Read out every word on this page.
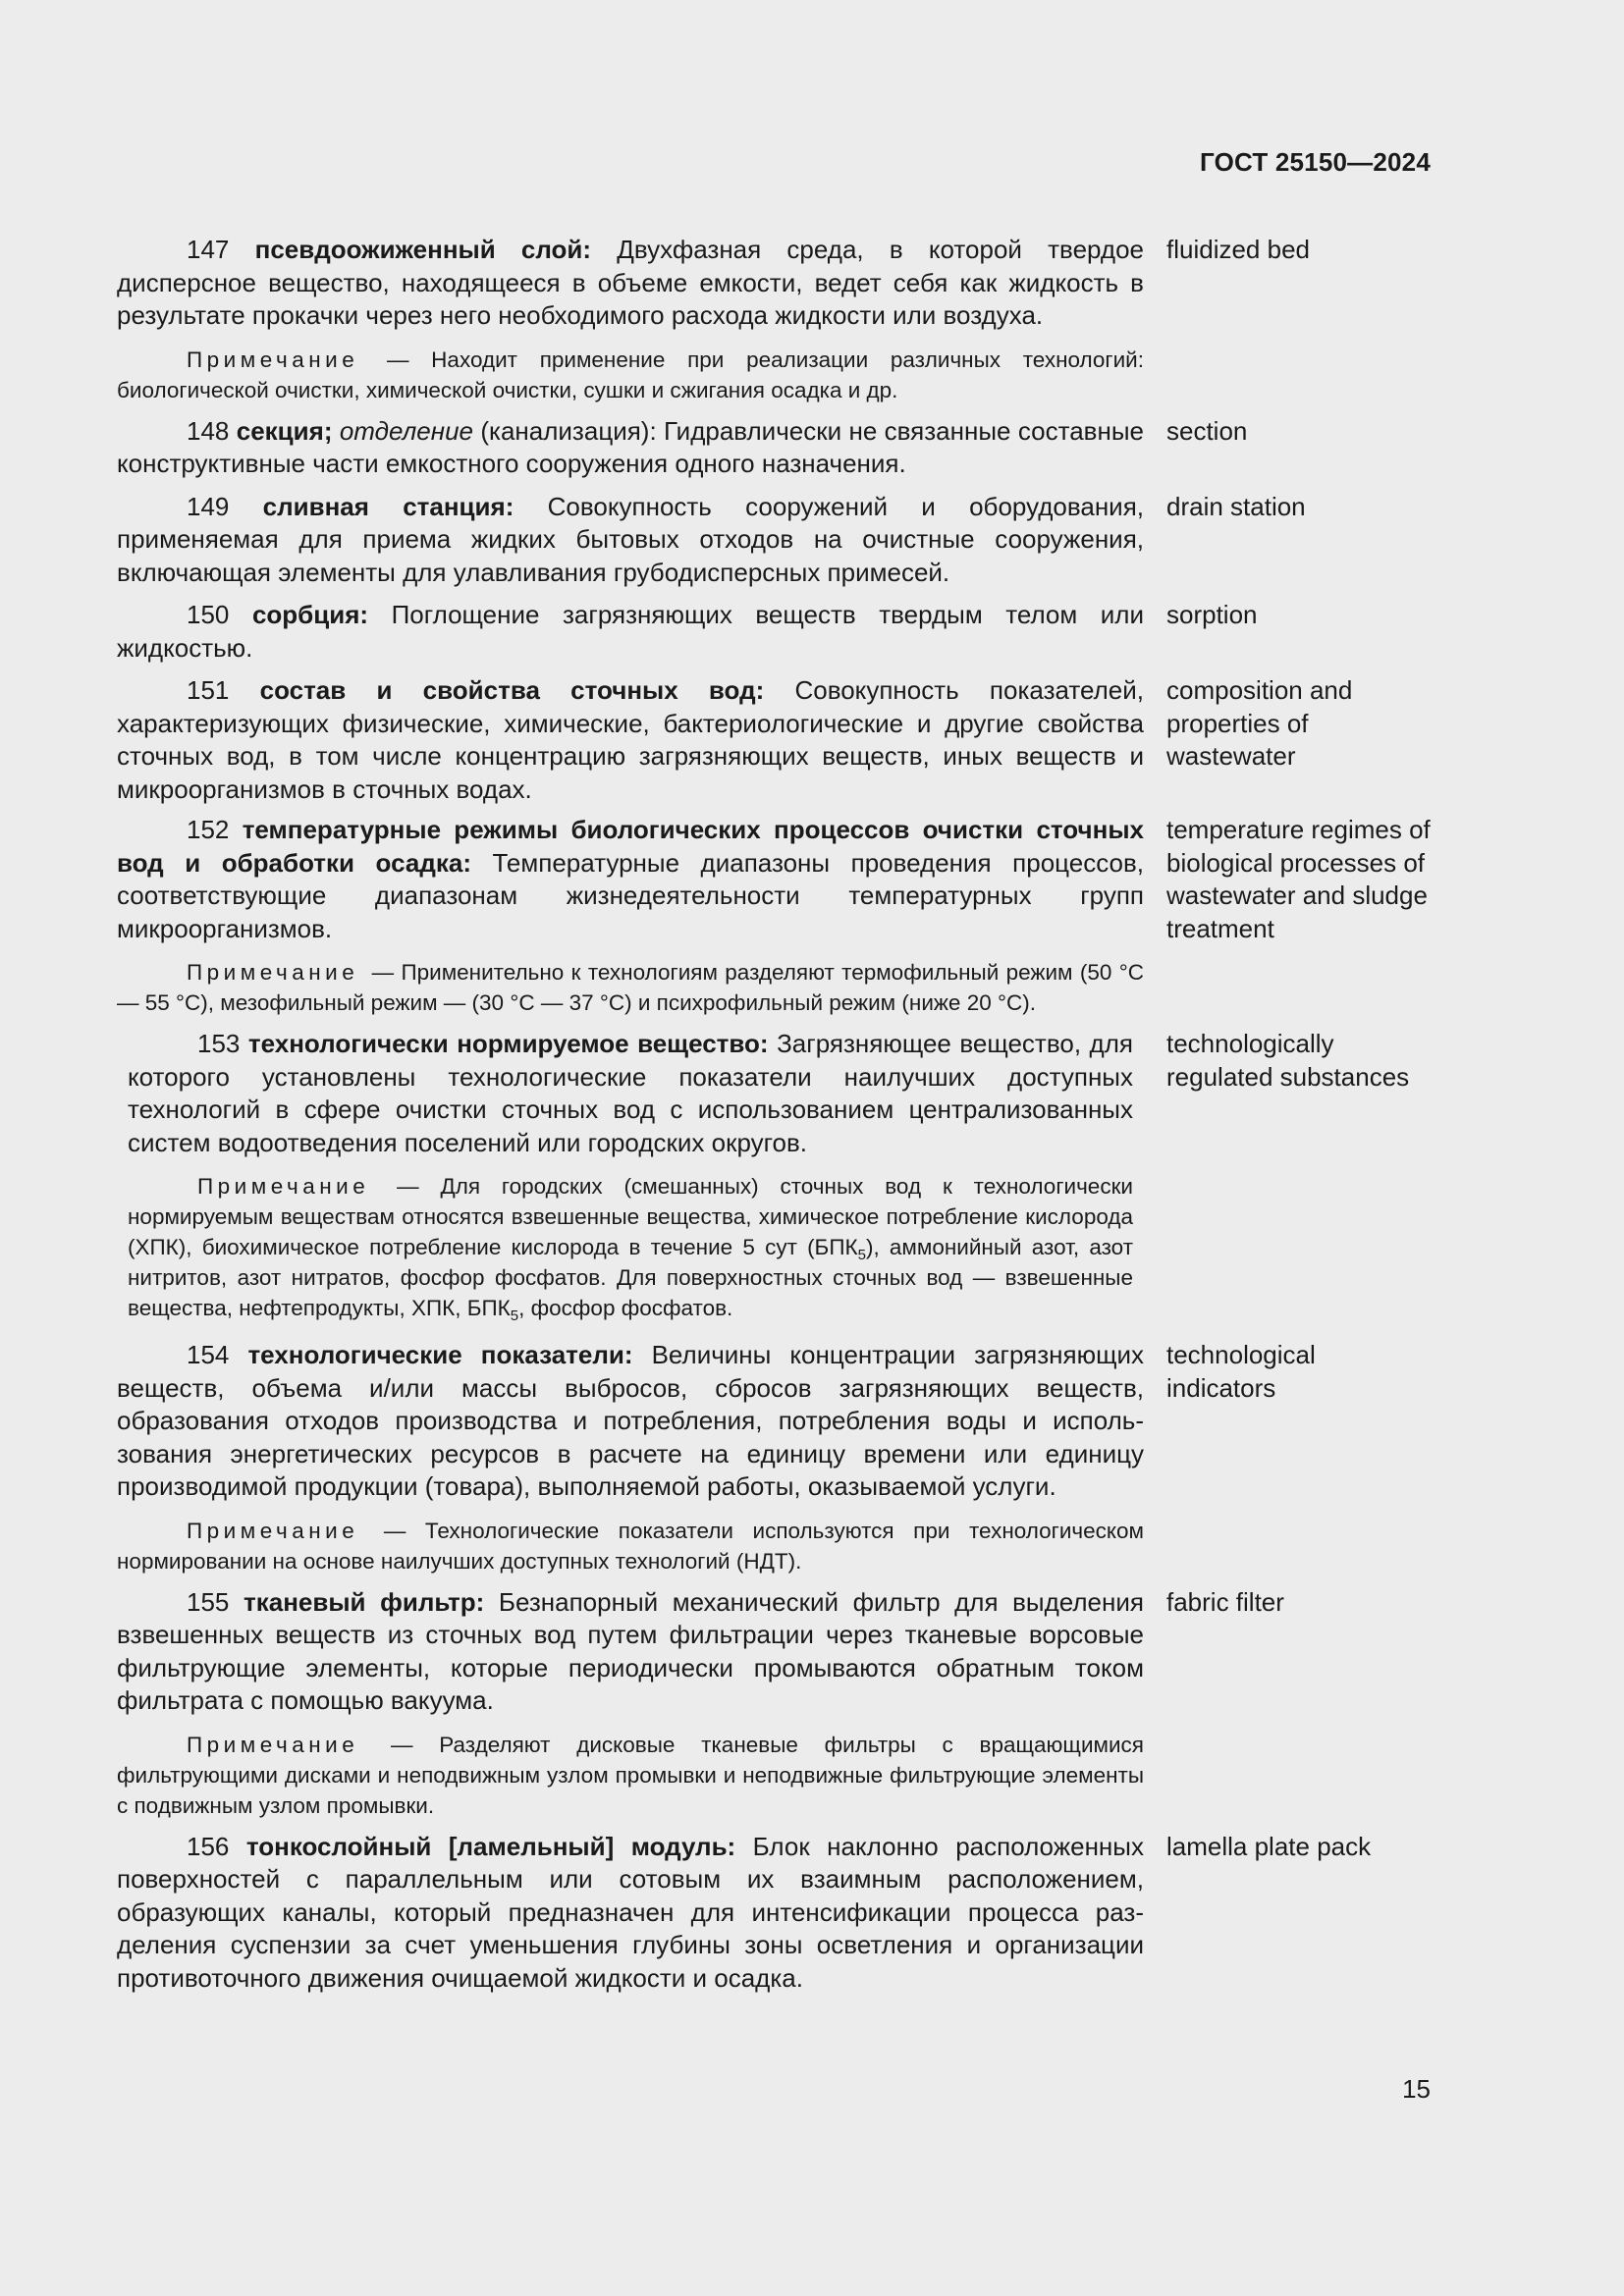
ГОСТ 25150—2024

147 псевдоожиженный слой: Двухфазная среда, в которой твердое дисперсное вещество, находящееся в объеме емкости, ведет себя как жидкость в результате прокачки через него необходимого расхода жидкости или воздуха.

Примечание — Находит применение при реализации различных технологий: биологической очистки, химической очистки, сушки и сжигания осадка и др.

fluidized bed

148 секция; отделение (канализация): Гидравлически не связанные составные конструктивные части емкостного сооружения одного назначения.

section

149 сливная станция: Совокупность сооружений и оборудования, применяемая для приема жидких бытовых отходов на очистные сооружения, включающая элементы для улавливания грубодисперсных примесей.

drain station

150 сорбция: Поглощение загрязняющих веществ твердым телом или жидкостью.

sorption

151 состав и свойства сточных вод: Совокупность показателей, характеризующих физические, химические, бактериологические и другие свойства сточных вод, в том числе концентрацию загрязняющих веществ, иных веществ и микроорганизмов в сточных водах.

composition and properties of wastewater

152 температурные режимы биологических процессов очистки сточных вод и обработки осадка: Температурные диапазоны проведения процессов, соответствующие диапазонам жизнедеятельности температурных групп микроорганизмов.

Примечание — Применительно к технологиям разделяют термофильный режим (50 °C — 55 °C), мезофильный режим — (30 °C — 37 °C) и психрофильный режим (ниже 20 °C).

temperature regimes of biological processes of wastewater and sludge treatment

153 технологически нормируемое вещество: Загрязняющее вещество, для которого установлены технологические показатели наилучших доступных технологий в сфере очистки сточных вод с использованием централизованных систем водоотведения поселений или городских округов.

Примечание — Для городских (смешанных) сточных вод к технологически нормируемым веществам относятся взвешенные вещества, химическое потребление кислорода (ХПК), биохимическое потребление кислорода в течение 5 сут $(БПК_5)$, аммонийный азот, азот нитритов, азот нитратов, фосфор фосфатов. Для поверхностных сточных вод — взвешенные вещества, нефтепродукты, ХПК, $БПК_5$, фосфор фосфатов.

technologically regulated substances

154 технологические показатели: Величины концентрации загрязняющих веществ, объема и/или массы выбросов, сбросов загрязняющих веществ, образования отходов производства и потребления, потребления воды и использования энергетических ресурсов в расчете на единицу времени или единицу производимой продукции (товара), выполняемой работы, оказываемой услуги.

Примечание — Технологические показатели используются при технологическом нормировании на основе наилучших доступных технологий (НДТ).

technological indicators

155 тканевый фильтр: Безнапорный механический фильтр для выделения взвешенных веществ из сточных вод путем фильтрации через тканевые ворсовые фильтрующие элементы, которые периодически промываются обратным током фильтрата с помощью вакуума.

Примечание — Разделяют дисковые тканевые фильтры с вращающимися фильтрующими дисками и неподвижным узлом промывки и неподвижные фильтрующие элементы с подвижным узлом промывки.

fabric filter

156 тонкослойный [ламельный] модуль: Блок наклонно расположенных поверхностей с параллельным или сотовым их взаимным расположением, образующих каналы, который предназначен для интенсификации процесса разделения суспензии за счет уменьшения глубины зоны осветления и организации противоточного движения очищаемой жидкости и осадка.

lamella plate pack
15
